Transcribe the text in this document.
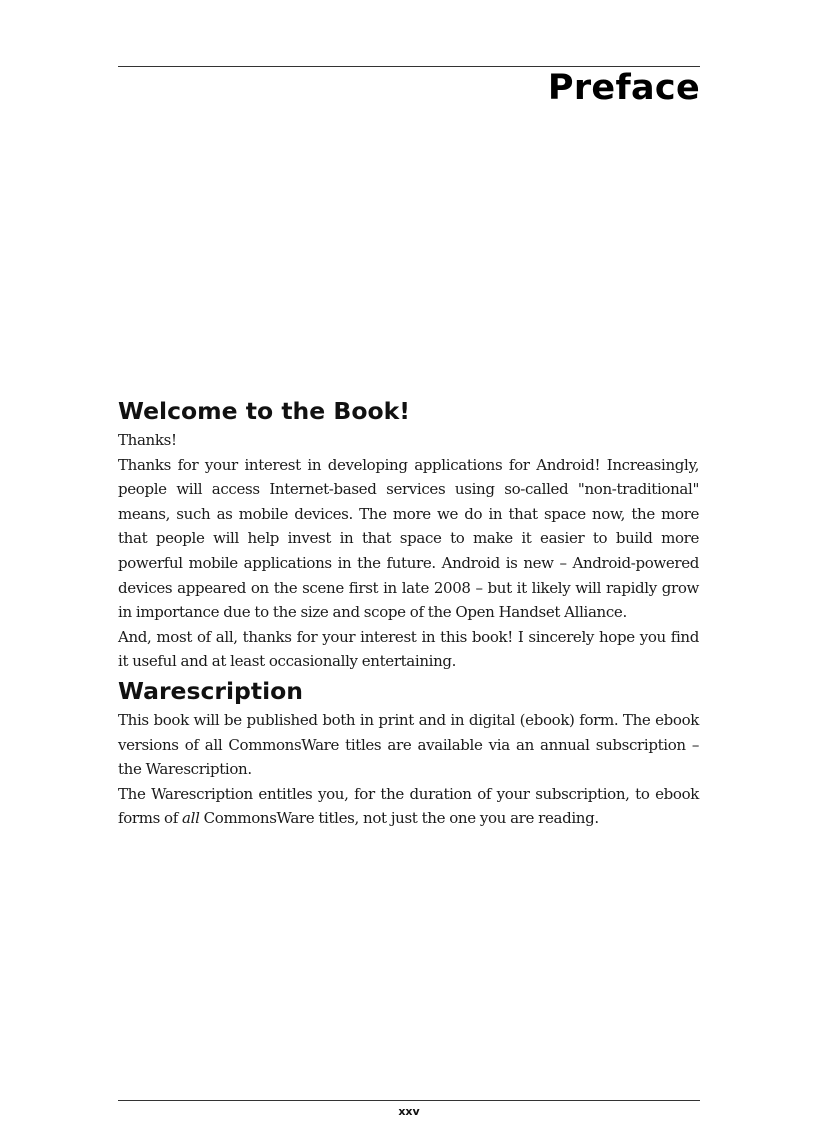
Preface
Welcome to the Book!

Thanks!

Thanks for your interest in developing applications for Android! Increasingly, people will access Internet-based services using so-called "non-traditional" means, such as mobile devices. The more we do in that space now, the more that people will help invest in that space to make it easier to build more powerful mobile applications in the future. Android is new – Android-powered devices appeared on the scene first in late 2008 – but it likely will rapidly grow in importance due to the size and scope of the Open Handset Alliance.

And, most of all, thanks for your interest in this book! I sincerely hope you find it useful and at least occasionally entertaining.

Warescription

This book will be published both in print and in digital (ebook) form. The ebook versions of all CommonsWare titles are available via an annual subscription – the Warescription.

The Warescription entitles you, for the duration of your subscription, to ebook forms of all CommonsWare titles, not just the one you are reading.

xxv
